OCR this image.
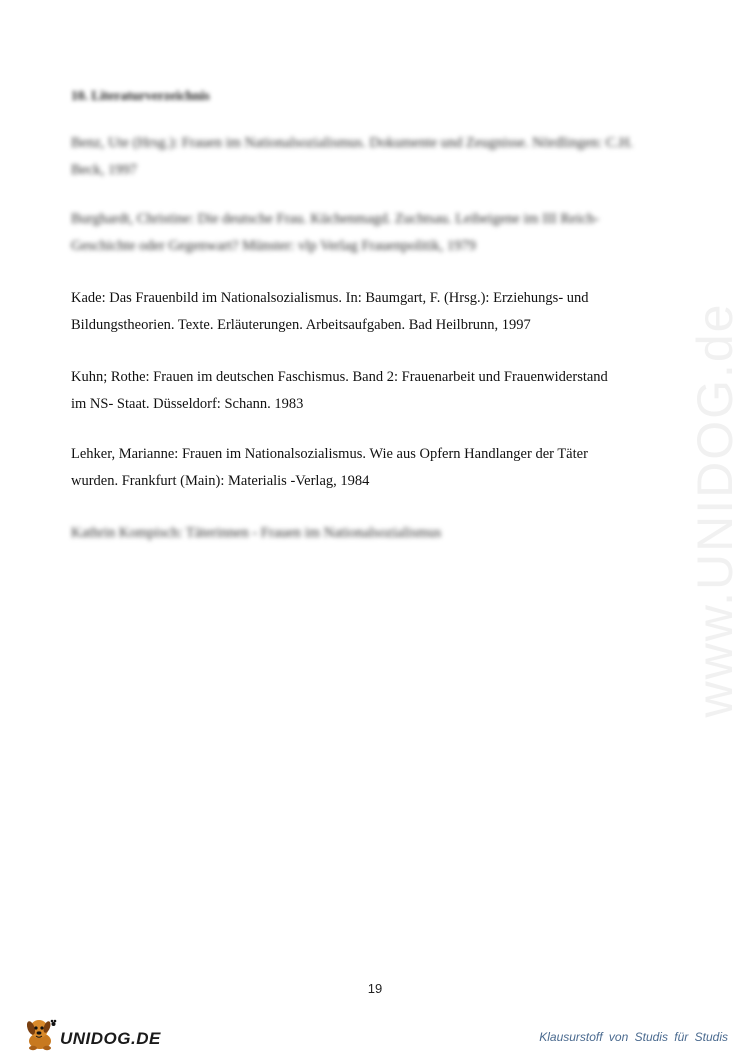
10. Literaturverzeichnis
Benz, Ute (Hrsg.): Frauen im Nationalsozialismus. Dokumente und Zeugnisse. Nördlingen: C.H.
Beck, 1997
Burghardt, Christine: Die deutsche Frau. Küchenmagd. Zuchtsau. Leibeigene im III Reich-
Geschichte oder Gegenwart? Münster: vlp Verlag Frauenpolitik, 1979
Kade: Das Frauenbild im Nationalsozialismus. In: Baumgart, F. (Hrsg.): Erziehungs- und
Bildungstheorien. Texte. Erläuterungen. Arbeitsaufgaben. Bad Heilbrunn, 1997
Kuhn; Rothe: Frauen im deutschen Faschismus. Band 2: Frauenarbeit und Frauenwiderstand
im NS- Staat. Düsseldorf: Schann. 1983
Lehker, Marianne: Frauen im Nationalsozialismus. Wie aus Opfern Handlanger der Täter
wurden. Frankfurt (Main): Materialis -Verlag, 1984
Kathrin Kompisch: Täterinnen - Frauen im Nationalsozialismus	www.UNIDOG.de
19
UNIDOG.DE	Klausurstoff von Studis für Studis
